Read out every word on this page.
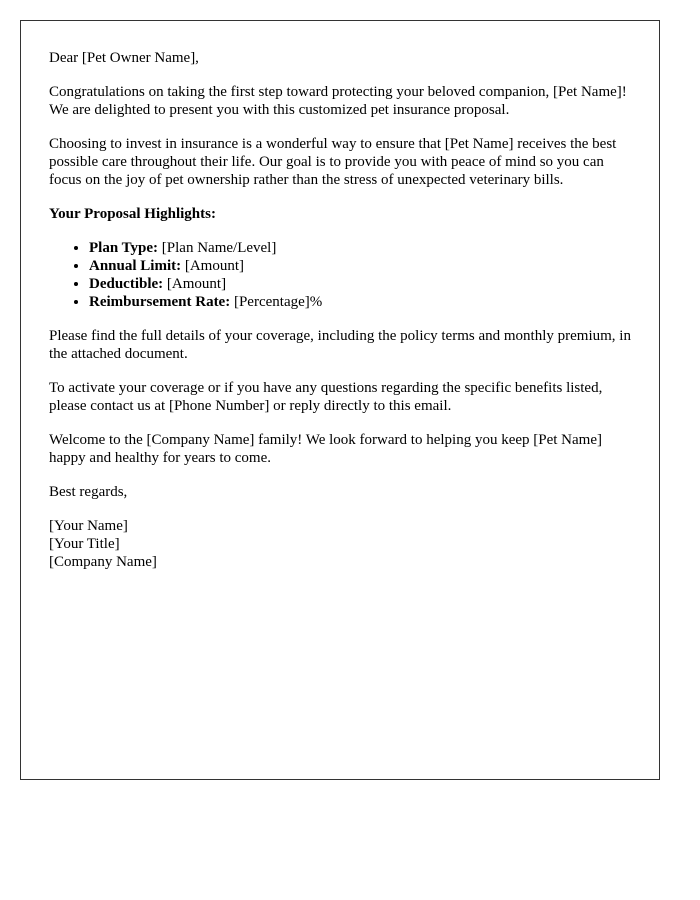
Dear [Pet Owner Name],

Congratulations on taking the first step toward protecting your beloved companion, [Pet Name]! We are delighted to present you with this customized pet insurance proposal.

Choosing to invest in insurance is a wonderful way to ensure that [Pet Name] receives the best possible care throughout their life. Our goal is to provide you with peace of mind so you can focus on the joy of pet ownership rather than the stress of unexpected veterinary bills.

Your Proposal Highlights:
• Plan Type: [Plan Name/Level]
• Annual Limit: [Amount]
• Deductible: [Amount]
• Reimbursement Rate: [Percentage]%

Please find the full details of your coverage, including the policy terms and monthly premium, in the attached document.

To activate your coverage or if you have any questions regarding the specific benefits listed, please contact us at [Phone Number] or reply directly to this email.

Welcome to the [Company Name] family! We look forward to helping you keep [Pet Name] happy and healthy for years to come.

Best regards,

[Your Name]
[Your Title]
[Company Name]
